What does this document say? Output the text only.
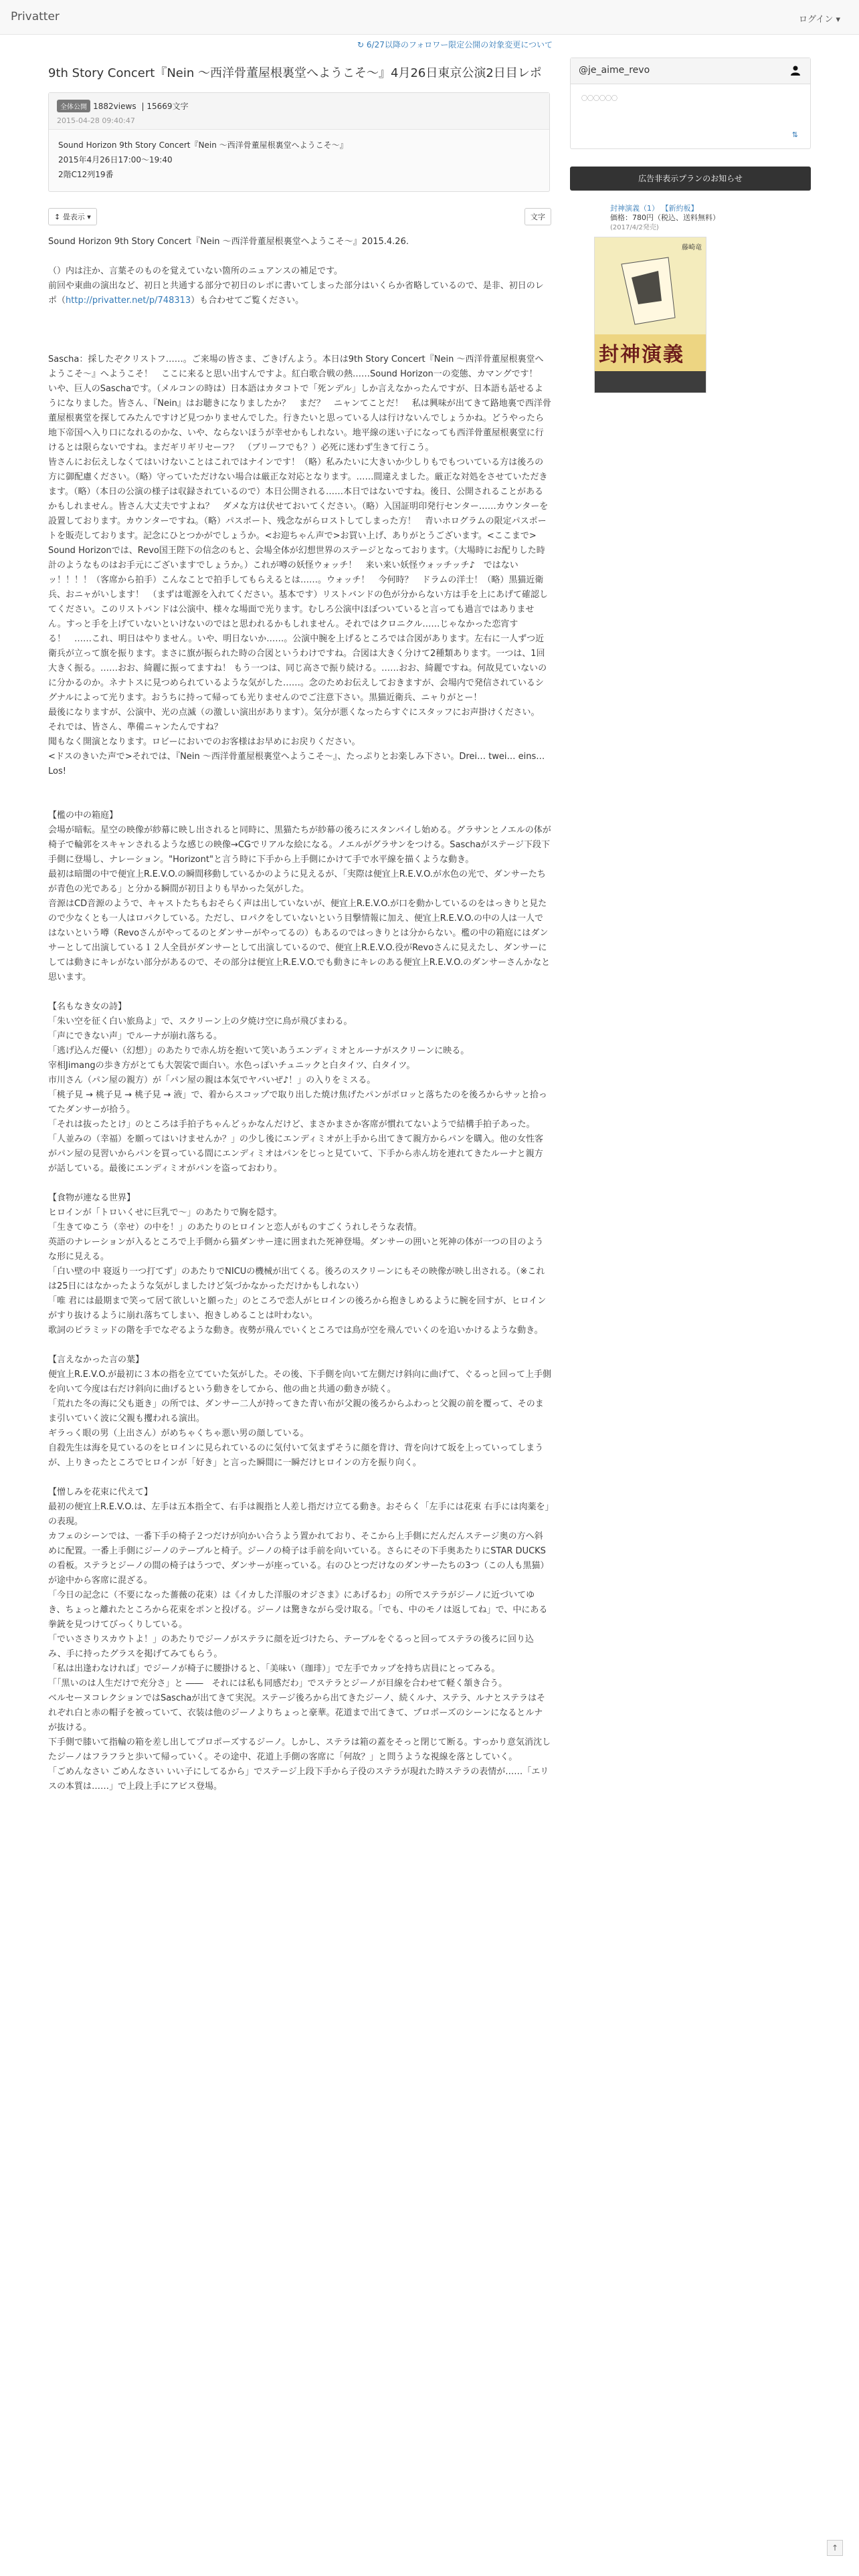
Privatter	ログイン ▾
↻ 6/27以降のフォロワー限定公開の対象変更について
9th Story Concert『Nein 〜西洋骨董屋根裏堂へようこそ〜』4月26日東京公演2日目レポ
全体公開 1882views  | 15669文字
2015-04-28 09:40:47
Sound Horizon 9th Story Concert『Nein 〜西洋骨董屋根裏堂へようこそ〜』
2015年4月26日17:00〜19:40
2階C12列19番
↕ 畳表示 ▾	文字

Sound Horizon 9th Story Concert『Nein 〜西洋骨董屋根裏堂へようこそ〜』2015.4.26.

（）内は注か、言葉そのものを覚えていない箇所のニュアンスの補足です。
前回や東曲の演出など、初日と共通する部分で初日のレポに書いてしまった部分はいくらか省略しているので、是非、初日のレポ（http://privatter.net/p/748313）も合わせてご覧ください。

Sascha：採したぞクリストフ……。ご来場の皆さま、ごきげんよう。本日は9th Story Concert『Nein 〜西洋骨董屋根裏堂へようこそ〜』へようこそ！　ここに来ると思い出すんですよ。紅白歌合戦の熱……Sound Horizon一の変態、カマングです！　いや、巨人のSaschaです。（メルコンの時は）日本語はカタコトで「死ンデル」しか言えなかったんですが、日本語も話せるようになりました。皆さん、『Nein』はお聴きになりましたか？　まだ？　ニャンてことだ！　私は興味が出てきて路地裏で西洋骨董屋根裏堂を探してみたんですけど見つかりませんでした。行きたいと思っている人は行けないんでしょうかね。どうやったら地下帝国へ入り口になれるのかな、いや、ならないほうが幸せかもしれない。地平線の迷い子になっても西洋骨董屋根裏堂に行けるとは限らないですね。まだギリギリセーフ？　（ブリーフでも？）必死に迷わず生きて行こう。
皆さんにお伝えしなくてはいけないことはこれではナインです！（略）私みたいに大きいか少しりもでもついている方は後ろの方に御配慮ください。（略）守っていただけない場合は厳正な対応となります。……間違えました。厳正な対処をさせていただきます。（略）（本日の公演の様子は収録されているので）本日公開される……本日ではないですね。後日、公開されることがあるかもしれません。皆さん大丈夫ですよね？　ダメな方は伏せておいてください。（略）入国証明印発行センター……カウンターを設置しております。カウンターですね。（略）パスポート、残念ながらロストしてしまった方！　青いホログラムの限定パスポートを販売しております。記念にひとつかがでしょうか。<お迎ちゃん声で>お買い上げ、ありがとうございます。<ここまで>
Sound Horizonでは、Revo国王陛下の信念のもと、会場全体が幻想世界のステージとなっております。（大場時にお配りした時計のようなものはお手元にございますでしょうか。）これが噂の妖怪ウォッチ！　来い来い妖怪ウォッチッチ♪　ではないッ！！！！（客席から拍手）こんなことで拍手してもらえるとは……。ウォッチ！　今何時？　ドラムの洋士！（略）黒猫近衛兵、おニャがいします！　（まずは電源を入れてください。基本です）リストバンドの色が分からない方は手を上にあげて確認してください。このリストバンドは公演中、様々な場面で光ります。むしろ公演中ほぼついていると言っても過言ではありません。すっと手を上げていないといけないのではと思われるかもしれません。それではクロニクル……じゃなかった恋宵する！　……これ、明日はやりません。いや、明日ないか……。公演中腕を上げるところでは合図があります。左右に一人ずつ近衛兵が立って旗を振ります。まさに旗が振られた時の合図というわけですね。合図は大きく分けて2種類あります。一つは、1回大きく振る。……おお、綺麗に振ってますね！ もう一つは、同じ高さで振り続ける。……おお、綺麗ですね。何故見ていないのに分かるのか。ネナトスに見つめられているような気がした……。念のためお伝えしておきますが、会場内で発信されているシグナルによって光ります。おうちに持って帰っても光りませんのでご注意下さい。黒猫近衛兵、ニャりがとー！
最後になりますが、公演中、光の点滅（の激しい演出があります）。気分が悪くなったらすぐにスタッフにお声掛けください。
それでは、皆さん、準備ニャンたんですね？
聞もなく開演となります。ロビーにおいでのお客様はお早めにお戻りください。
<ドスのきいた声で>それでは、『Nein 〜西洋骨董屋根裏堂へようこそ〜』、たっぷりとお楽しみ下さい。Drei… twei… eins… Los!

【檻の中の箱庭】
会場が暗転。星空の映像が紗幕に映し出されると同時に、黒猫たちが紗幕の後ろにスタンバイし始める。グラサンとノエルの体が椅子で輪郭をスキャンされるような感じの映像→CGでリアルな絵になる。ノエルがグラサンをつける。Saschaがステージ下段下手側に登場し、ナレーション。"Horizont"と言う時に下手から上手側にかけて手で水平線を描くような動き。
最初は暗闇の中で便宜上R.E.V.O.の瞬間移動しているかのように見えるが、「実際は便宜上R.E.V.O.が水色の光で、ダンサーたちが青色の光である」と分かる瞬間が初日よりも早かった気がした。
音源はCD音源のようで、キャストたちもおそらく声は出していないが、便宜上R.E.V.O.が口を動かしているのをはっきりと見たので少なくとも一人はロパクしている。ただし、ロパクをしていないという目撃情報に加え、便宜上R.E.V.O.の中の人は一人ではないという噂（Revoさんがやってるのとダンサーがやってるの）もあるのではっきりとは分からない。檻の中の箱庭にはダンサーとして出演している１２人全員がダンサーとして出演しているので、便宜上R.E.V.O.役がRevoさんに見えたし、ダンサーにしては動きにキレがない部分があるので、その部分は便宜上R.E.V.O.でも動きにキレのある便宜上R.E.V.O.のダンサーさんかなと思います。

【名もなき女の詩】
「朱い空を征く白い旅鳥よ」で、スクリーン上の夕焼け空に鳥が飛びまわる。
「声にできない声」でルーナが崩れ落ちる。
「逃げ込んだ優い（幻想）」のあたりで赤ん坊を抱いて笑いあうエンディミオとルーナがスクリーンに映る。
宰相Jimangの歩き方がとても大袈裟で面白い。水色っぽいチュニックと白タイツ、白タイツ。
市川さん（パン屋の親方）が「パン屋の親は本気でヤバいぜ♪！」の入りをミスる。
「桃子見 → 桃子見 → 桃子見 → 液」で、着からスコップで取り出した焼け焦げたパンがポロッと落ちたのを後ろからサッと拾ってたダンサーが拾う。
「それは抜ったとけ」のところは手拍子ちゃんどぅかなんだけど、まさかまさか客席が慣れてないようで結構手拍子あった。
「人並みの（幸福）を願ってはいけませんか？」の少し後にエンディミオが上手から出てきて親方からパンを購入。他の女性客がパン屋の見習いからパンを買っている間にエンディミオはパンをじっと見ていて、下手から赤ん坊を連れてきたルーナと親方が話している。最後にエンディミオがパンを盗っておわり。

【食物が連なる世界】
ヒロインが「トロいくせに巨乳で〜」のあたりで胸を隠す。
「生きてゆこう（幸せ）の中を！」のあたりのヒロインと恋人がものすごくうれしそうな表情。
英語のナレーションが入るところで上手側から猫ダンサー達に囲まれた死神登場。ダンサーの囲いと死神の体が一つの目のような形に見える。
「白い壁の中 寝返り一つ打てず」のあたりでNICUの機械が出てくる。後ろのスクリーンにもその映像が映し出される。（※これは25日にはなかったような気がしましたけど気づかなかっただけかもしれない）
「唯 君には最期まで笑って居て欲しいと願った」のところで恋人がヒロインの後ろから抱きしめるように腕を回すが、ヒロインがすり抜けるように崩れ落ちてしまい、抱きしめることは叶わない。
歌詞のピラミッドの階を手でなぞるような動き。夜勢が飛んでいくところでは鳥が空を飛んでいくのを追いかけるような動き。

【言えなかった言の葉】
便宜上R.E.V.O.が最初に３本の指を立てていた気がした。その後、下手側を向いて左側だけ斜向に曲げて、ぐるっと回って上手側を向いて今度は右だけ斜向に曲げるという動きをしてから、他の曲と共通の動きが続く。
「荒れた冬の海に父も逝き」の所では、ダンサー二人が持ってきた青い布が父親の後ろからふわっと父親の前を覆って、そのまま引いていく波に父親も攫われる演出。
ギラっく眼の男（上出さん）がめちゃくちゃ悪い男の顔している。
自殺先生は海を見ているのをヒロインに見られているのに気付いて気まずそうに顔を背け、背を向けて坂を上っていってしまうが、上りきったところでヒロインが「好き」と言った瞬間に一瞬だけヒロインの方を振り向く。

【憎しみを花束に代えて】
最初の便宜上R.E.V.O.は、左手は五本指全て、右手は親指と人差し指だけ立てる動き。おそらく「左手には花束 右手には肉薬を」の表現。
カフェのシーンでは、一番下手の椅子２つだけが向かい合うよう置かれており、そこから上手側にだんだんステージ奥の方へ斜めに配置。一番上手側にジーノのテーブルと椅子。ジーノの椅子は手前を向いている。さらにその下手奥あたりにSTAR DUCKSの看板。ステラとジーノの間の椅子はうつで、ダンサーが座っている。右のひとつだけなのダンサーたちの3つ（この人も黒猫）が途中から客席に混ざる。
「今日の記念に（不要になった薔薇の花束）は《イカした洋服のオジさま》にあげるわ」の所でステラがジーノに近づいてゆき、ちょっと離れたところから花束をポンと投げる。ジーノは驚きながら受け取る。「でも、中のモノは返してね」で、中にある拳銃を見つけてびっくりしている。
「でいささりスカウトよ！」のあたりでジーノがステラに顔を近づけたら、テーブルをぐるっと回ってステラの後ろに回り込み、手に持ったグラスを掲げてみてもらう。
「私は出逢わなければ」でジーノが椅子に腰掛けると、「美味い（珈琲）」で左手でカップを持ち店員にとってみる。
「「黒いのは人生だけで充分さ」と ――　それには私も同感だわ」でステラとジーノが目線を合わせて軽く頷き合う。
ベルセーヌコレクションではSaschaが出てきて実況。ステージ後ろから出てきたジーノ、続くルナ、ステラ、ルナとステラはそれぞれ白と赤の帽子を被っていて、衣装は他のジーノよりちょっと豪華。花道まで出てきて、プロポーズのシーンになるとルナが抜ける。
下手側で膝いて指輪の箱を差し出してプロポーズするジーノ。しかし、ステラは箱の蓋をそっと閉じて断る。すっかり意気消沈したジーノはフラフラと歩いて帰っていく。その途中、花道上手側の客席に「何故？」と問うような視線を落としていく。
「ごめんなさい ごめんなさい いい子にしてるから」でステージ上段下手から子役のステラが現れた時ステラの表情が……「エリスの本質は……」で上段上手にアビス登場。

@je_aime_revo
〇〇〇〇〇〇
⇅
広告非表示プランのお知らせ
封神演義（1） 【新約板】
価格：780円（税込、送料無料）
(2017/4/2発売)
藤崎竜
封神演義
↑
